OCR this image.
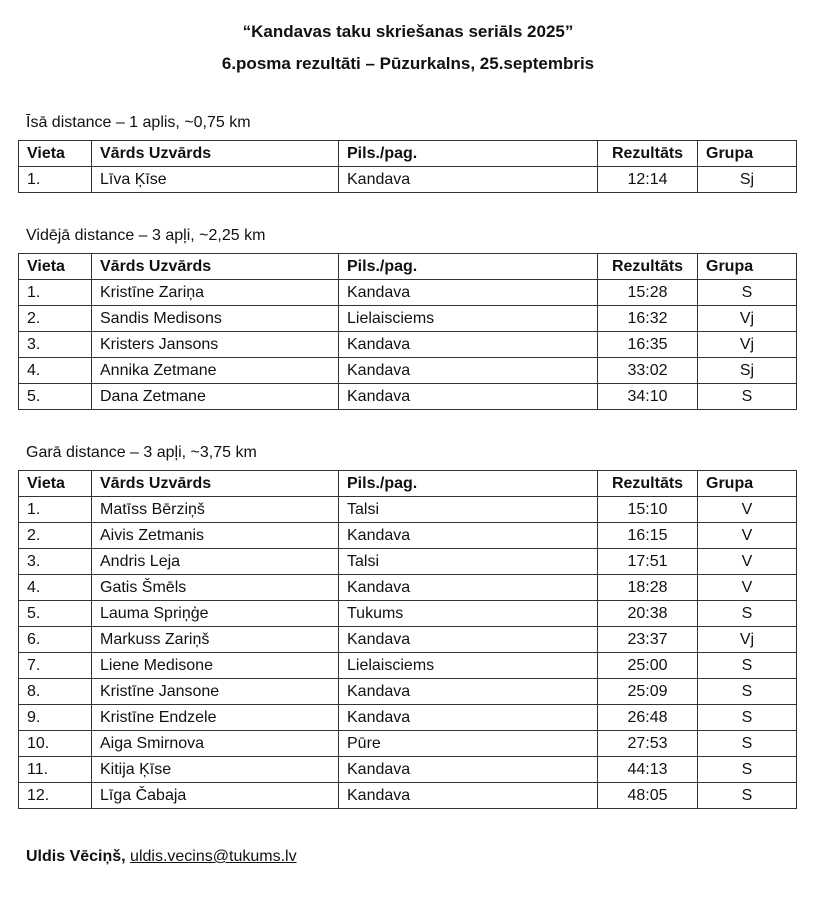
“Kandavas taku skriešanas seriāls 2025”
6.posma rezultāti – Pūzurkalns, 25.septembris
Īsā distance – 1 aplis, ~0,75 km
Vieta	Vārds Uzvārds	Pils./pag.	Rezultāts	Grupa
1.	Līva Ķīse	Kandava	12:14	Sj
Vidējā distance – 3 apļi, ~2,25 km
Vieta	Vārds Uzvārds	Pils./pag.	Rezultāts	Grupa
1.	Kristīne Zariņa	Kandava	15:28	S
2.	Sandis Medisons	Lielaisciems	16:32	Vj
3.	Kristers Jansons	Kandava	16:35	Vj
4.	Annika Zetmane	Kandava	33:02	Sj
5.	Dana Zetmane	Kandava	34:10	S
Garā distance – 3 apļi, ~3,75 km
Vieta	Vārds Uzvārds	Pils./pag.	Rezultāts	Grupa
1.	Matīss Bērziņš	Talsi	15:10	V
2.	Aivis Zetmanis	Kandava	16:15	V
3.	Andris Leja	Talsi	17:51	V
4.	Gatis Šmēls	Kandava	18:28	V
5.	Lauma Spriņģe	Tukums	20:38	S
6.	Markuss Zariņš	Kandava	23:37	Vj
7.	Liene Medisone	Lielaisciems	25:00	S
8.	Kristīne Jansone	Kandava	25:09	S
9.	Kristīne Endzele	Kandava	26:48	S
10.	Aiga Smirnova	Pūre	27:53	S
11.	Kitija Ķīse	Kandava	44:13	S
12.	Līga Čabaja	Kandava	48:05	S
Uldis Vēciņš, uldis.vecins@tukums.lv
